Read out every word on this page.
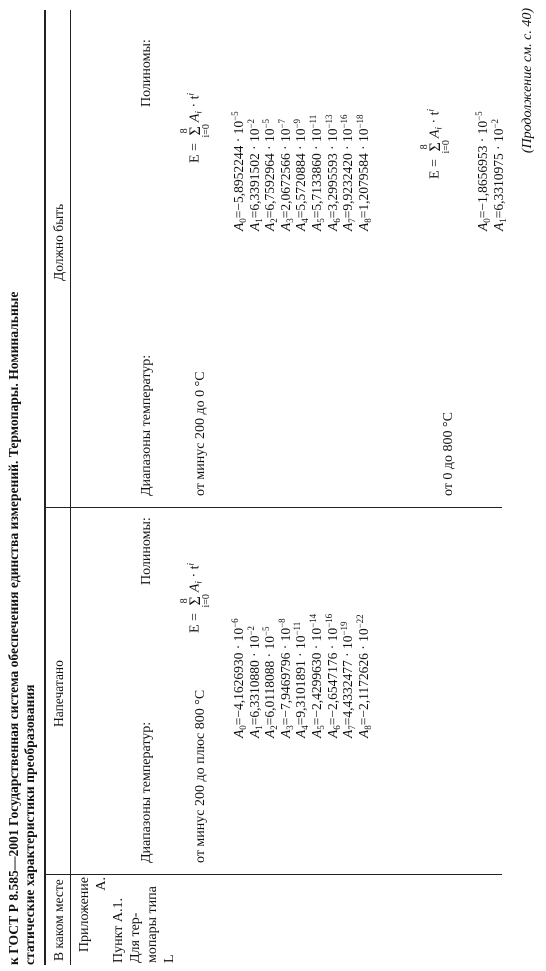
к ГОСТ Р 8.585—2001 Государственная система обеспечения единства измерений. Термопары. Номинальные статические характеристики преобразования В каком месте
Напечатано
Должно быть
Приложение А.
Пункт А.1. Для тер- мопары типа L
Диапазоны температур:
Полиномы:
от минус 200 до плюс 800 °С
E = 8
Σ
$i=0A_i \cdot t^i$
$A_0=-4,1626930 \cdot 10^{-6}$
$A_1=6,3310880 \cdot 10^{-2}$
$A_2=6,0118088 \cdot 10^{-5}$
$A_3=-7,9469796 \cdot 10^{-8}$
$A_4=9,3101891 \cdot 10^{-11}$
$A_5=-2,4299630 \cdot 10^{-14}$
$A_6=-2,6547176 \cdot 10^{-16}$
$A_7=4,4332477 \cdot 10^{-19}$
$A_8=-2,1172626 \cdot 10^{-22}$
Диапазоны температур:
Полиномы:
от минус 200 до 0 °С
E = 8
Σ
$i=0A_i \cdot t^i$
$A_0=-5,8952244 \cdot 10^{-5}$
$A_1=6,3391502 \cdot 10^{-2}$
$A_2=6,7592964 \cdot 10^{-5}$
$A_3=2,0672566 \cdot 10^{-7}$
$A_4=5,5720884 \cdot 10^{-9}$
$A_5=5,7133860 \cdot 10^{-11}$
$A_6=3,2995593 \cdot 10^{-13}$
$A_7=9,9232420 \cdot 10^{-16}$
$A_8=1,2079584 \cdot 10^{-18}$
от 0 до 800 °С
E = 8
Σ
$i=0A_i \cdot t^i$
$A_0=-1,8656953 \cdot 10^{-5}$
$A_1=6,3310975 \cdot 10^{-2}$ (Продолжение см. с. 40)
